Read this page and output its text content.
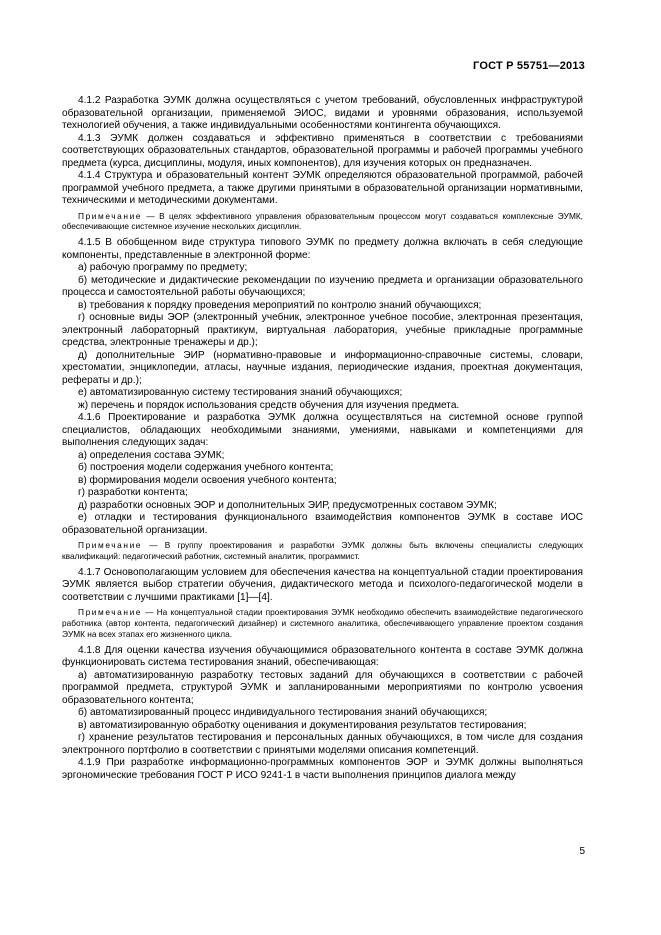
ГОСТ Р 55751—2013

4.1.2 Разработка ЭУМК должна осуществляться с учетом требований, обусловленных инфраструктурой образовательной организации, применяемой ЭИОС, видами и уровнями образования, используемой технологией обучения, а также индивидуальными особенностями контингента обучающихся.

4.1.3 ЭУМК должен создаваться и эффективно применяться в соответствии с требованиями соответствующих образовательных стандартов, образовательной программы и рабочей программы учебного предмета (курса, дисциплины, модуля, иных компонентов), для изучения которых он предназначен.

4.1.4 Структура и образовательный контент ЭУМК определяются образовательной программой, рабочей программой учебного предмета, а также другими принятыми в образовательной организации нормативными, техническими и методическими документами.

Примечание — В целях эффективного управления образовательным процессом могут создаваться комплексные ЭУМК, обеспечивающие системное изучение нескольких дисциплин.

4.1.5 В обобщенном виде структура типового ЭУМК по предмету должна включать в себя следующие компоненты, представленные в электронной форме:

а) рабочую программу по предмету;

б) методические и дидактические рекомендации по изучению предмета и организации образовательного процесса и самостоятельной работы обучающихся;

в) требования к порядку проведения мероприятий по контролю знаний обучающихся;

г) основные виды ЭОР (электронный учебник, электронное учебное пособие, электронная презентация, электронный лабораторный практикум, виртуальная лаборатория, учебные прикладные программные средства, электронные тренажеры и др.);

д) дополнительные ЭИР (нормативно-правовые и информационно-справочные системы, словари, хрестоматии, энциклопедии, атласы, научные издания, периодические издания, проектная документация, рефераты и др.);

е) автоматизированную систему тестирования знаний обучающихся;

ж) перечень и порядок использования средств обучения для изучения предмета.

4.1.6 Проектирование и разработка ЭУМК должна осуществляться на системной основе группой специалистов, обладающих необходимыми знаниями, умениями, навыками и компетенциями для выполнения следующих задач:

а) определения состава ЭУМК;

б) построения модели содержания учебного контента;

в) формирования модели освоения учебного контента;

г) разработки контента;

д) разработки основных ЭОР и дополнительных ЭИР, предусмотренных составом ЭУМК;

е) отладки и тестирования функционального взаимодействия компонентов ЭУМК в составе ИОС образовательной организации.

Примечание — В группу проектирования и разработки ЭУМК должны быть включены специалисты следующих квалификаций: педагогический работник, системный аналитик, программист.

4.1.7 Основополагающим условием для обеспечения качества на концептуальной стадии проектирования ЭУМК является выбор стратегии обучения, дидактического метода и психолого-педагогической модели в соответствии с лучшими практиками [1]—[4].

Примечание — На концептуальной стадии проектирования ЭУМК необходимо обеспечить взаимодействие педагогического работника (автор контента, педагогический дизайнер) и системного аналитика, обеспечивающего управление проектом создания ЭУМК на всех этапах его жизненного цикла.

4.1.8 Для оценки качества изучения обучающимися образовательного контента в составе ЭУМК должна функционировать система тестирования знаний, обеспечивающая:

а) автоматизированную разработку тестовых заданий для обучающихся в соответствии с рабочей программой предмета, структурой ЭУМК и запланированными мероприятиями по контролю усвоения образовательного контента;

б) автоматизированный процесс индивидуального тестирования знаний обучающихся;

в) автоматизированную обработку оценивания и документирования результатов тестирования;

г) хранение результатов тестирования и персональных данных обучающихся, в том числе для создания электронного портфолио в соответствии с принятыми моделями описания компетенций.

4.1.9 При разработке информационно-программных компонентов ЭОР и ЭУМК должны выполняться эргономические требования ГОСТ Р ИСО 9241-1 в части выполнения принципов диалога между

5
